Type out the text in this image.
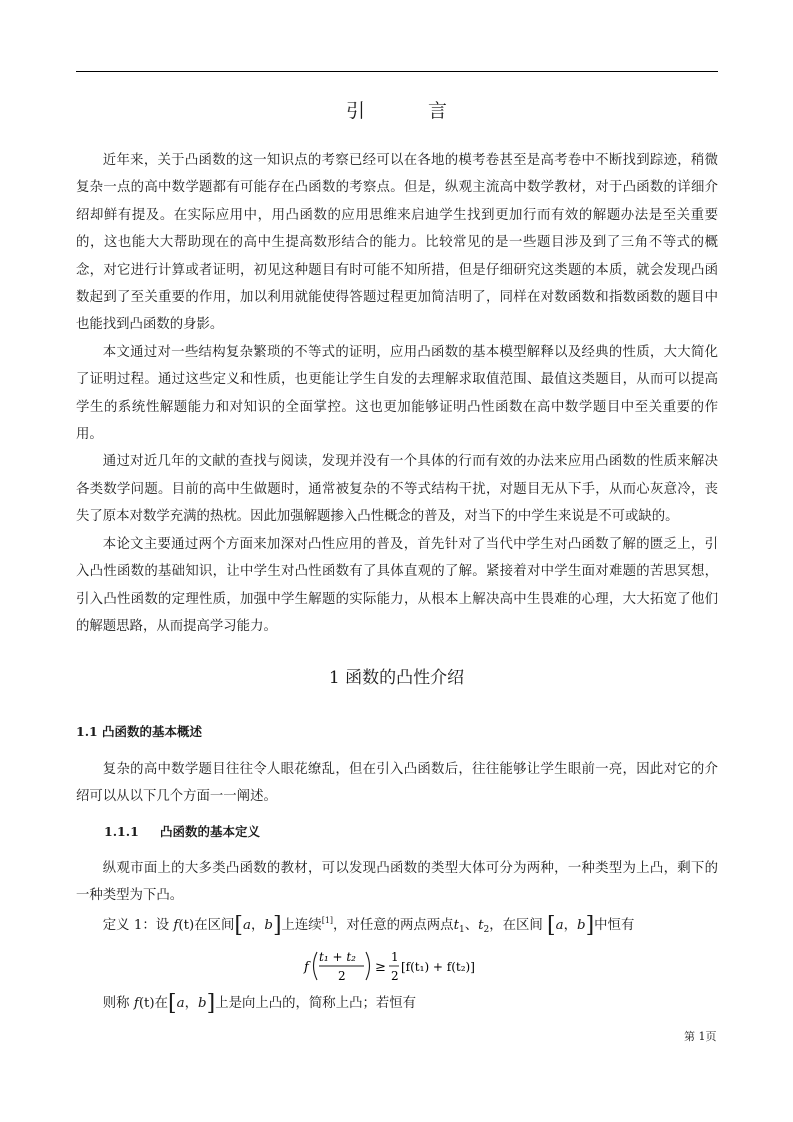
引　言

近年来，关于凸函数的这一知识点的考察已经可以在各地的模考卷甚至是高考卷中不断找到踪迹，稍微复杂一点的高中数学题都有可能存在凸函数的考察点。但是，纵观主流高中数学教材，对于凸函数的详细介绍却鲜有提及。在实际应用中，用凸函数的应用思维来启迪学生找到更加行而有效的解题办法是至关重要的，这也能大大帮助现在的高中生提高数形结合的能力。比较常见的是一些题目涉及到了三角不等式的概念，对它进行计算或者证明，初见这种题目有时可能不知所措，但是仔细研究这类题的本质，就会发现凸函数起到了至关重要的作用，加以利用就能使得答题过程更加简洁明了，同样在对数函数和指数函数的题目中也能找到凸函数的身影。

本文通过对一些结构复杂繁琐的不等式的证明，应用凸函数的基本模型解释以及经典的性质，大大简化了证明过程。通过这些定义和性质，也更能让学生自发的去理解求取值范围、最值这类题目，从而可以提高学生的系统性解题能力和对知识的全面掌控。这也更加能够证明凸性函数在高中数学题目中至关重要的作用。

通过对近几年的文献的查找与阅读，发现并没有一个具体的行而有效的办法来应用凸函数的性质来解决各类数学问题。目前的高中生做题时，通常被复杂的不等式结构干扰，对题目无从下手，从而心灰意冷，丧失了原本对数学充满的热枕。因此加强解题掺入凸性概念的普及，对当下的中学生来说是不可或缺的。

本论文主要通过两个方面来加深对凸性应用的普及，首先针对了当代中学生对凸函数了解的匮乏上，引入凸性函数的基础知识，让中学生对凸性函数有了具体直观的了解。紧接着对中学生面对难题的苦思冥想，引入凸性函数的定理性质，加强中学生解题的实际能力，从根本上解决高中生畏难的心理，大大拓宽了他们的解题思路，从而提高学习能力。

1 函数的凸性介绍
1.1 凸函数的基本概述

复杂的高中数学题目往往令人眼花缭乱，但在引入凸函数后，往往能够让学生眼前一亮，因此对它的介绍可以从以下几个方面一一阐述。

1.1.1 凸函数的基本定义

纵观市面上的大多类凸函数的教材，可以发现凸函数的类型大体可分为两种，一种类型为上凸，剩下的一种类型为下凸。

定义 1：设 f(t)在区间[a，b]上连续[1]，对任意的两点两点$t_1$、$t_2$，在区间 [a，b]中恒有
f
t₁ + t₂
2
≥
1
2
[f(t₁) + f(t₂)]
则称 f(t)在[a，b]上是向上凸的，简称上凸；若恒有
第 1页
